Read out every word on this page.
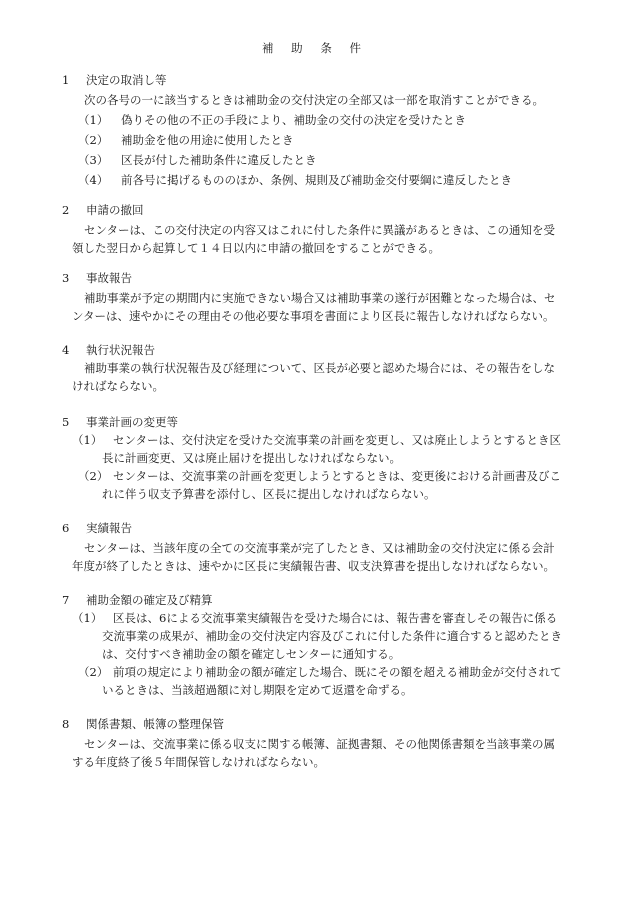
補 助 条 件
1 決定の取消し等
次の各号の一に該当するときは補助金の交付決定の全部又は一部を取消すことができる。
（1） 偽りその他の不正の手段により、補助金の交付の決定を受けたとき
（2） 補助金を他の用途に使用したとき
（3） 区長が付した補助条件に違反したとき
（4） 前各号に掲げるもののほか、条例、規則及び補助金交付要綱に違反したとき
2 申請の撤回
センターは、この交付決定の内容又はこれに付した条件に異議があるときは、この通知を受
領した翌日から起算して１４日以内に申請の撤回をすることができる。
3 事故報告
補助事業が予定の期間内に実施できない場合又は補助事業の遂行が困難となった場合は、セ
ンターは、速やかにその理由その他必要な事項を書面により区長に報告しなければならない。
4 執行状況報告
補助事業の執行状況報告及び経理について、区長が必要と認めた場合には、その報告をしな
ければならない。
5 事業計画の変更等
（1） センターは、交付決定を受けた交流事業の計画を変更し、又は廃止しようとするとき区
長に計画変更、又は廃止届けを提出しなければならない。
（2） センターは、交流事業の計画を変更しようとするときは、変更後における計画書及びこ
れに伴う収支予算書を添付し、区長に提出しなければならない。
6 実績報告
センターは、当該年度の全ての交流事業が完了したとき、又は補助金の交付決定に係る会計
年度が終了したときは、速やかに区長に実績報告書、収支決算書を提出しなければならない。
7 補助金額の確定及び精算
（1） 区長は、6による交流事業実績報告を受けた場合には、報告書を審査しその報告に係る
交流事業の成果が、補助金の交付決定内容及びこれに付した条件に適合すると認めたとき
は、交付すべき補助金の額を確定しセンターに通知する。
（2） 前項の規定により補助金の額が確定した場合、既にその額を超える補助金が交付されて
いるときは、当該超過額に対し期限を定めて返還を命ずる。
8 関係書類、帳簿の整理保管
センターは、交流事業に係る収支に関する帳簿、証拠書類、その他関係書類を当該事業の属
する年度終了後５年間保管しなければならない。
